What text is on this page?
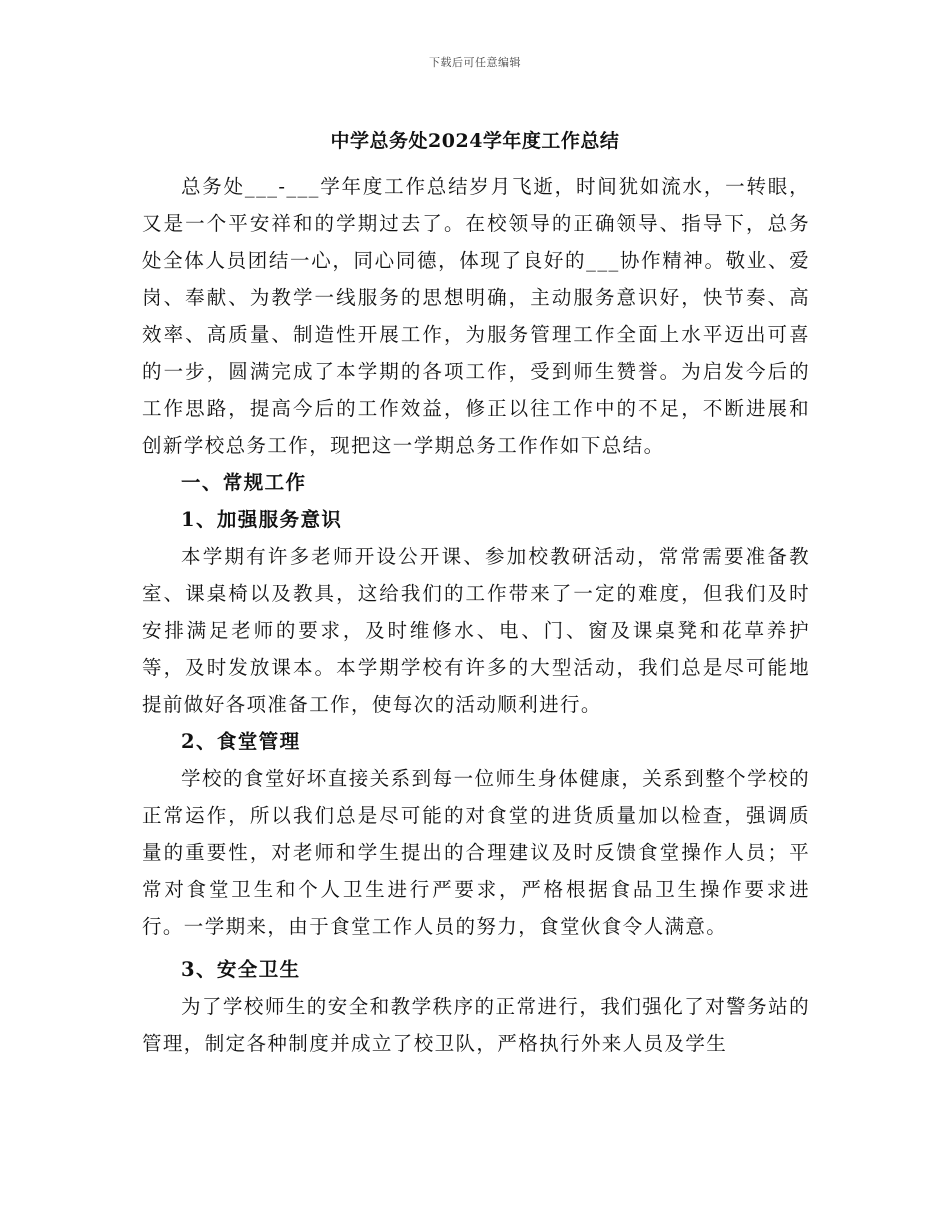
下载后可任意编辑
中学总务处2024学年度工作总结

总务处___-___学年度工作总结岁月飞逝，时间犹如流水，一转眼，又是一个平安祥和的学期过去了。在校领导的正确领导、指导下，总务处全体人员团结一心，同心同德，体现了良好的___协作精神。敬业、爱岗、奉献、为教学一线服务的思想明确，主动服务意识好，快节奏、高效率、高质量、制造性开展工作，为服务管理工作全面上水平迈出可喜的一步，圆满完成了本学期的各项工作，受到师生赞誉。为启发今后的工作思路，提高今后的工作效益，修正以往工作中的不足，不断进展和创新学校总务工作，现把这一学期总务工作作如下总结。

一、常规工作
1、加强服务意识

本学期有许多老师开设公开课、参加校教研活动，常常需要准备教室、课桌椅以及教具，这给我们的工作带来了一定的难度，但我们及时安排满足老师的要求，及时维修水、电、门、窗及课桌凳和花草养护等，及时发放课本。本学期学校有许多的大型活动，我们总是尽可能地提前做好各项准备工作，使每次的活动顺利进行。

2、食堂管理

学校的食堂好坏直接关系到每一位师生身体健康，关系到整个学校的正常运作，所以我们总是尽可能的对食堂的进货质量加以检查，强调质量的重要性，对老师和学生提出的合理建议及时反馈食堂操作人员；平常对食堂卫生和个人卫生进行严要求，严格根据食品卫生操作要求进行。一学期来，由于食堂工作人员的努力，食堂伙食令人满意。

3、安全卫生

为了学校师生的安全和教学秩序的正常进行，我们强化了对警务站的管理，制定各种制度并成立了校卫队，严格执行外来人员及学生
